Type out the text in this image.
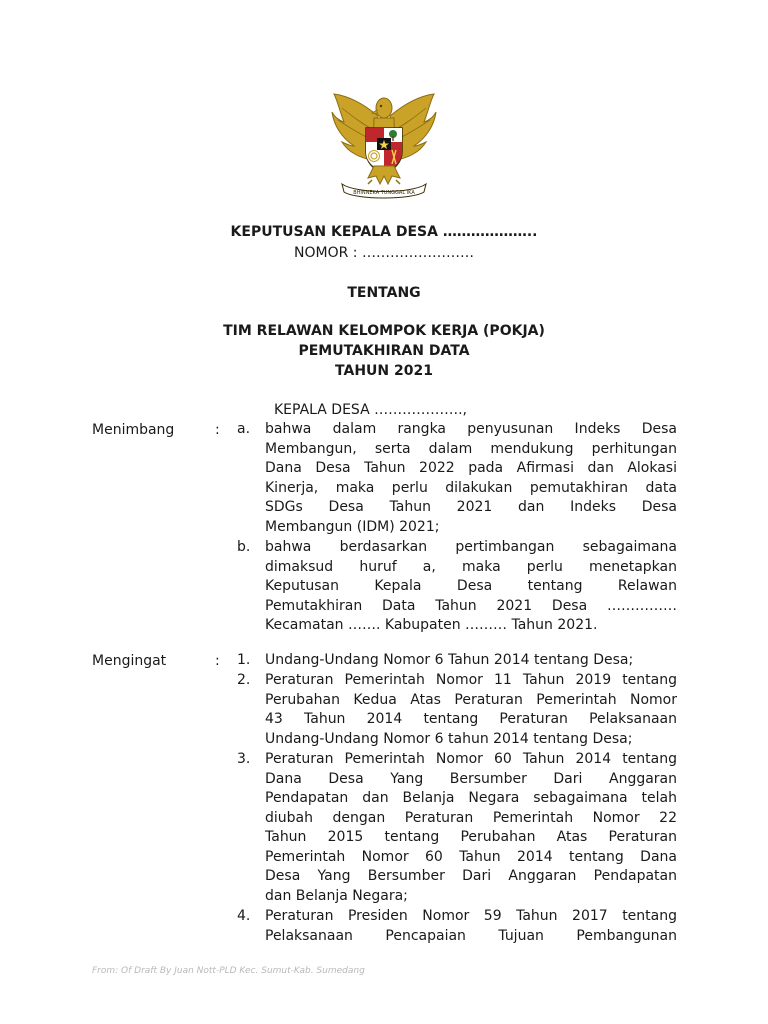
BHINNEKA TUNGGAL IKA
KEPUTUSAN KEPALA DESA ………………..
NOMOR : ……………………
TENTANG
TIM RELAWAN KELOMPOK KERJA (POKJA)
PEMUTAKHIRAN DATA
TAHUN 2021
KEPALA DESA ……………….,
Menimbang	: a. bahwa dalam rangka penyusunan Indeks Desa
Membangun, serta dalam mendukung perhitungan
Dana Desa Tahun 2022 pada Afirmasi dan Alokasi
Kinerja, maka perlu dilakukan pemutakhiran data
SDGs Desa Tahun 2021 dan Indeks Desa
Membangun (IDM) 2021;
b. bahwa berdasarkan pertimbangan sebagaimana
dimaksud huruf a, maka perlu menetapkan
Keputusan Kepala Desa tentang Relawan
Pemutakhiran Data Tahun 2021 Desa ……………
Kecamatan ……. Kabupaten ……… Tahun 2021.
Mengingat	: 1. Undang-Undang Nomor 6 Tahun 2014 tentang Desa;
2. Peraturan Pemerintah Nomor 11 Tahun 2019 tentang
Perubahan Kedua Atas Peraturan Pemerintah Nomor
43 Tahun 2014 tentang Peraturan Pelaksanaan
Undang-Undang Nomor 6 tahun 2014 tentang Desa;
3. Peraturan Pemerintah Nomor 60 Tahun 2014 tentang
Dana Desa Yang Bersumber Dari Anggaran
Pendapatan dan Belanja Negara sebagaimana telah
diubah dengan Peraturan Pemerintah Nomor 22
Tahun 2015 tentang Perubahan Atas Peraturan
Pemerintah Nomor 60 Tahun 2014 tentang Dana
Desa Yang Bersumber Dari Anggaran Pendapatan
dan Belanja Negara;
4. Peraturan Presiden Nomor 59 Tahun 2017 tentang
Pelaksanaan Pencapaian Tujuan Pembangunan
From: Of Draft By Juan Nott-PLD Kec. Sumut-Kab. Sumedang
